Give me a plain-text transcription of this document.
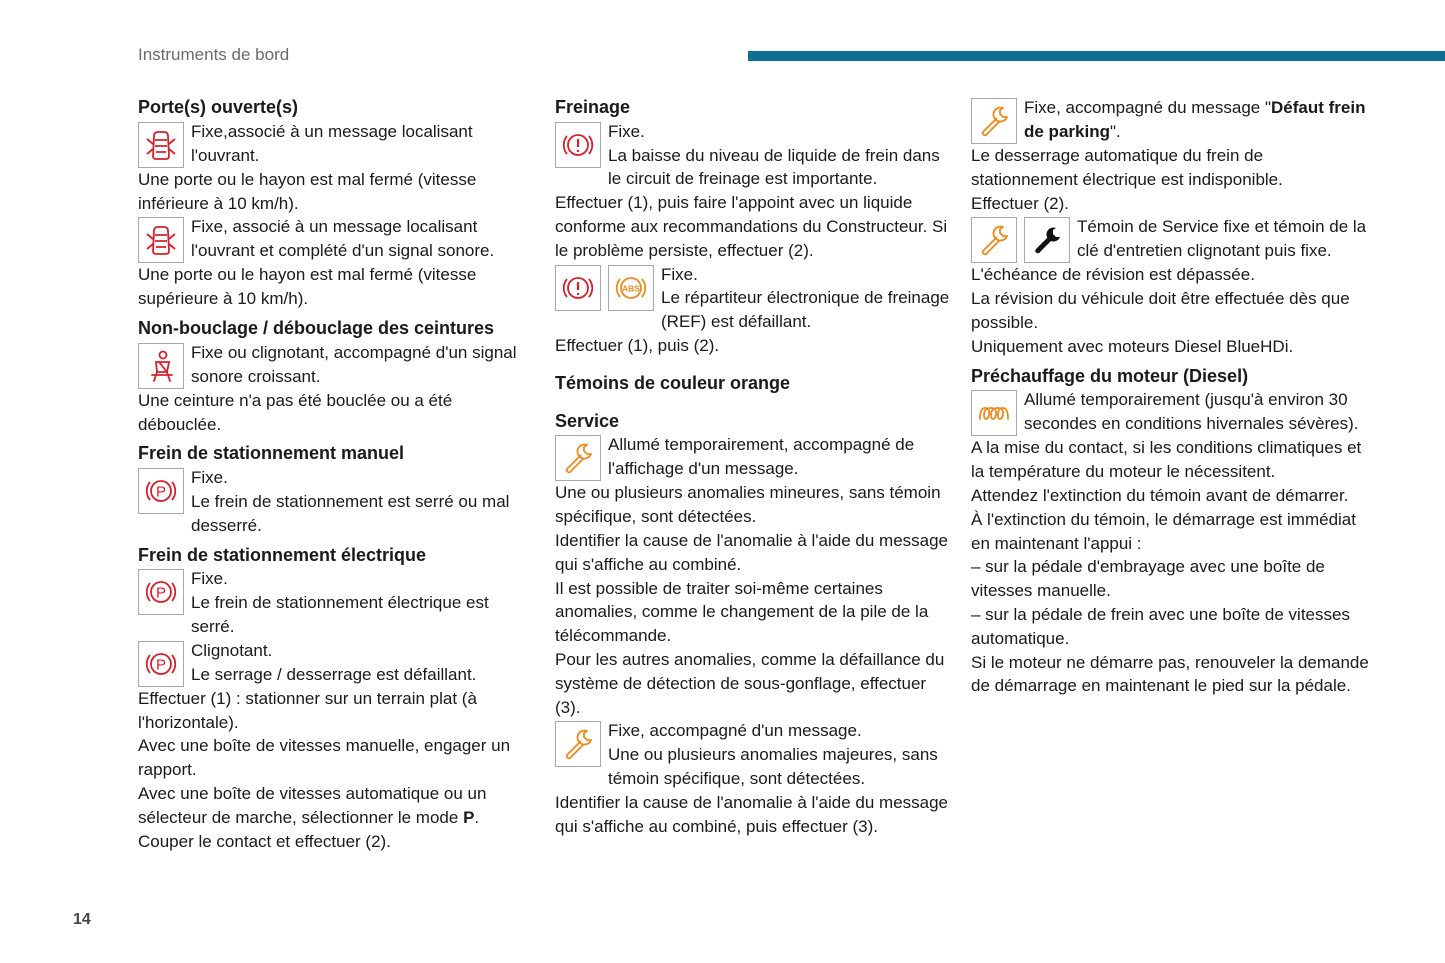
Instruments de bord
Porte(s) ouverte(s)

Fixe,associé à un message localisant l'ouvrant.

Une porte ou le hayon est mal fermé (vitesse inférieure à 10 km/h).

Fixe, associé à un message localisant l'ouvrant et complété d'un signal sonore.

Une porte ou le hayon est mal fermé (vitesse supérieure à 10 km/h).

Non-bouclage / débouclage des ceintures

Fixe ou clignotant, accompagné d'un signal sonore croissant.

Une ceinture n'a pas été bouclée ou a été débouclée.

Frein de stationnement manuel
P

Fixe.

Le frein de stationnement est serré ou mal desserré.

Frein de stationnement électrique
P

Fixe.

Le frein de stationnement électrique est serré.

P

Clignotant.

Le serrage / desserrage est défaillant.

Effectuer (1) : stationner sur un terrain plat (à l'horizontale).

Avec une boîte de vitesses manuelle, engager un rapport.

Avec une boîte de vitesses automatique ou un sélecteur de marche, sélectionner le mode P.

Couper le contact et effectuer (2).

Freinage

Fixe.

La baisse du niveau de liquide de frein dans le circuit de freinage est importante.

Effectuer (1), puis faire l'appoint avec un liquide conforme aux recommandations du Constructeur. Si le problème persiste, effectuer (2).

ABS

Fixe.

Le répartiteur électronique de freinage (REF) est défaillant.

Effectuer (1), puis (2).

Témoins de couleur orange
Service

Allumé temporairement, accompagné de l'affichage d'un message.

Une ou plusieurs anomalies mineures, sans témoin spécifique, sont détectées.

Identifier la cause de l'anomalie à l'aide du message qui s'affiche au combiné.

Il est possible de traiter soi-même certaines anomalies, comme le changement de la pile de la télécommande.

Pour les autres anomalies, comme la défaillance du système de détection de sous-gonflage, effectuer (3).

Fixe, accompagné d'un message.

Une ou plusieurs anomalies majeures, sans témoin spécifique, sont détectées.

Identifier la cause de l'anomalie à l'aide du message qui s'affiche au combiné, puis effectuer (3).

Fixe, accompagné du message "Défaut frein de parking".

Le desserrage automatique du frein de stationnement électrique est indisponible.

Effectuer (2).

Témoin de Service fixe et témoin de la clé d'entretien clignotant puis fixe.

L'échéance de révision est dépassée.

La révision du véhicule doit être effectuée dès que possible.

Uniquement avec moteurs Diesel BlueHDi.

Préchauffage du moteur (Diesel)

Allumé temporairement (jusqu'à environ 30 secondes en conditions hivernales sévères).

A la mise du contact, si les conditions climatiques et la température du moteur le nécessitent.

Attendez l'extinction du témoin avant de démarrer.

À l'extinction du témoin, le démarrage est immédiat en maintenant l'appui :

– sur la pédale d'embrayage avec une boîte de vitesses manuelle.

– sur la pédale de frein avec une boîte de vitesses automatique.

Si le moteur ne démarre pas, renouveler la demande de démarrage en maintenant le pied sur la pédale.

14
